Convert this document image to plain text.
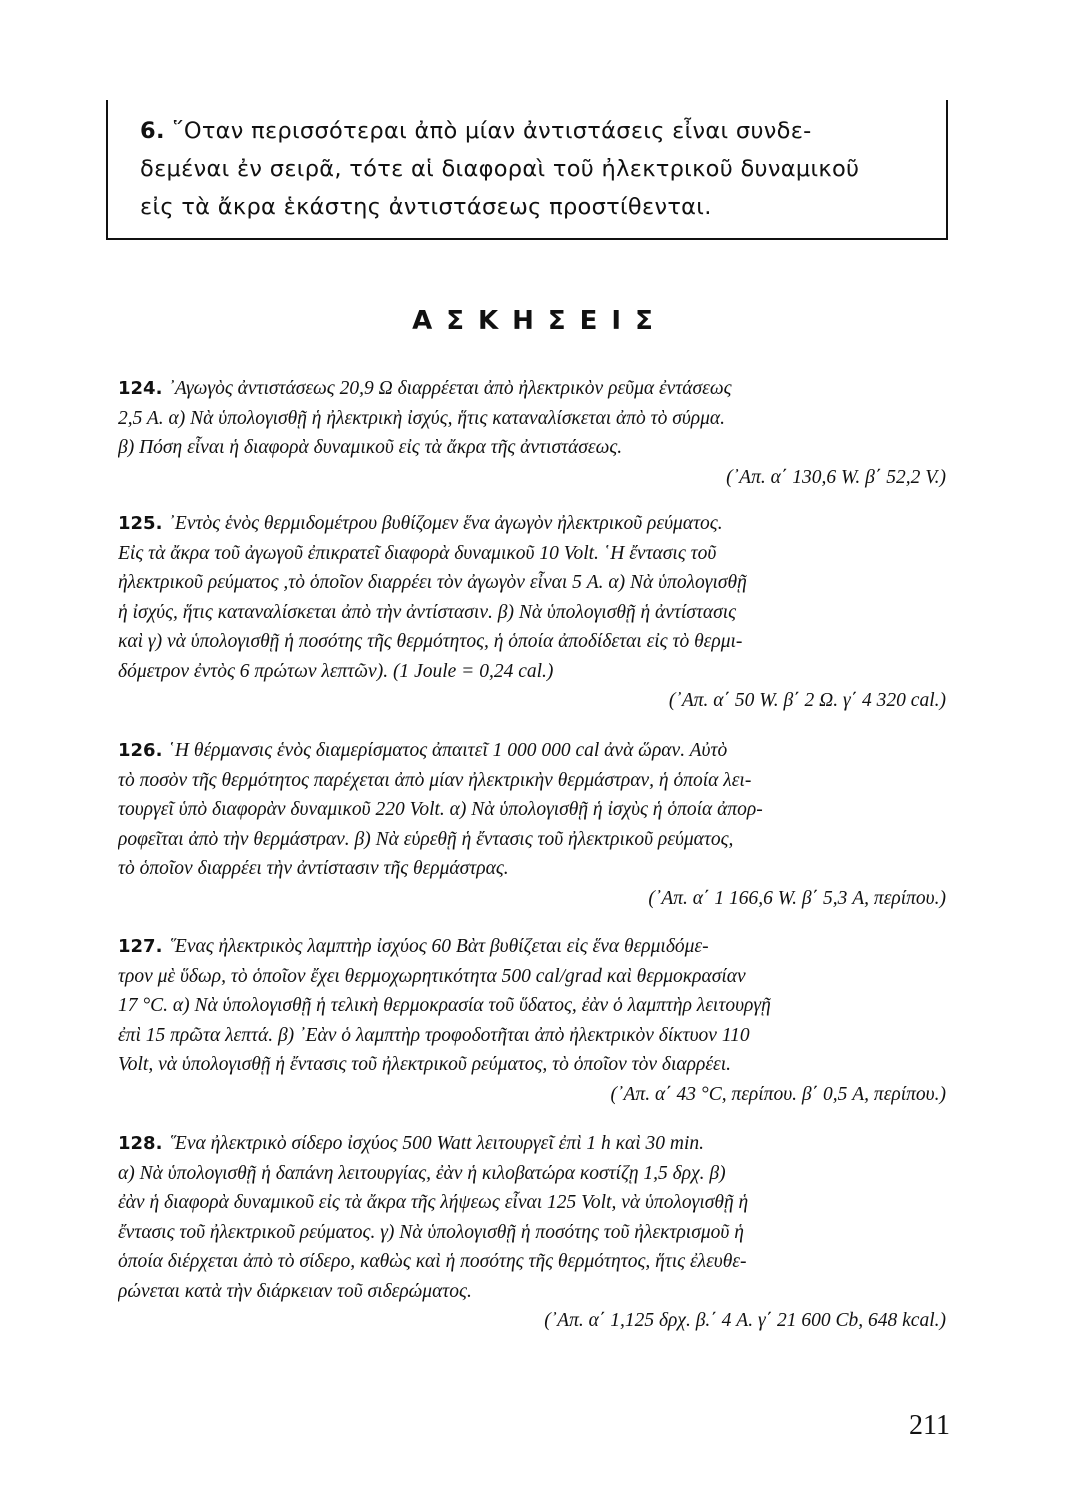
6. ῞Οταν περισσότεραι ἀπὸ μίαν ἀντιστάσεις εἶναι συνδε-
δεμέναι ἐν σειρᾶ, τότε αἱ διαφοραὶ τοῦ ἠλεκτρικοῦ δυναμικοῦ
εἰς τὰ ἄκρα ἑκάστης ἀντιστάσεως προστίθενται.
ΑΣΚΗΣΕΙΣ
124. ᾿Αγωγὸς ἀντιστάσεως 20,9 Ω διαρρέεται ἀπὸ ἠλεκτρικὸν ρεῦμα ἐντάσεως
2,5 A. α) Νὰ ὑπολογισθῇ ἡ ἠλεκτρικὴ ἰσχύς, ἥτις καταναλίσκεται ἀπὸ τὸ σύρμα.
β) Πόση εἶναι ἡ διαφορὰ δυναμικοῦ εἰς τὰ ἄκρα τῆς ἀντιστάσεως.
(᾿Απ. α΄ 130,6 W. β΄ 52,2 V.)
125. ᾿Εντὸς ἑνὸς θερμιδομέτρου βυθίζομεν ἕνα ἀγωγὸν ἠλεκτρικοῦ ρεύματος.
Εἰς τὰ ἄκρα τοῦ ἀγωγοῦ ἐπικρατεῖ διαφορὰ δυναμικοῦ 10 Volt. ῾Η ἔντασις τοῦ
ἠλεκτρικοῦ ρεύματος ,τὸ ὁποῖον διαρρέει τὸν ἀγωγὸν εἶναι 5 A. α) Νὰ ὑπολογισθῇ
ἡ ἰσχύς, ἥτις καταναλίσκεται ἀπὸ τὴν ἀντίστασιν. β) Νὰ ὑπολογισθῇ ἡ ἀντίστασις
καὶ γ) νὰ ὑπολογισθῇ ἡ ποσότης τῆς θερμότητος, ἡ ὁποία ἀποδίδεται εἰς τὸ θερμι-
δόμετρον ἐντὸς 6 πρώτων λεπτῶν). (1 Joule = 0,24 cal.)
(᾿Απ. α΄ 50 W. β΄ 2 Ω. γ΄ 4 320 cal.)
126. ῾Η θέρμανσις ἑνὸς διαμερίσματος ἀπαιτεῖ 1 000 000 cal ἀνὰ ὥραν. Αὐτὸ
τὸ ποσὸν τῆς θερμότητος παρέχεται ἀπὸ μίαν ἠλεκτρικὴν θερμάστραν, ἡ ὁποία λει-
τουργεῖ ὑπὸ διαφορὰν δυναμικοῦ 220 Volt. α) Νὰ ὑπολογισθῇ ἡ ἰσχὺς ἡ ὁποία ἀπορ-
ροφεῖται ἀπὸ τὴν θερμάστραν. β) Νὰ εὑρεθῇ ἡ ἔντασις τοῦ ἠλεκτρικοῦ ρεύματος,
τὸ ὁποῖον διαρρέει τὴν ἀντίστασιν τῆς θερμάστρας.
(᾿Απ. α΄ 1 166,6 W. β΄ 5,3 A, περίπου.)
127. ῞Ενας ἠλεκτρικὸς λαμπτὴρ ἰσχύος 60 Βὰτ βυθίζεται εἰς ἕνα θερμιδόμε-
τρον μὲ ὕδωρ, τὸ ὁποῖον ἔχει θερμοχωρητικότητα 500 cal/grad καὶ θερμοκρασίαν
17 °C. α) Νὰ ὑπολογισθῇ ἡ τελικὴ θερμοκρασία τοῦ ὕδατος, ἐὰν ὁ λαμπτὴρ λειτουργῇ
ἐπὶ 15 πρῶτα λεπτά. β) ᾿Εὰν ὁ λαμπτὴρ τροφοδοτῆται ἀπὸ ἠλεκτρικὸν δίκτυον 110
Volt, νὰ ὑπολογισθῇ ἡ ἔντασις τοῦ ἠλεκτρικοῦ ρεύματος, τὸ ὁποῖον τὸν διαρρέει.
(᾿Απ. α΄ 43 °C, περίπου. β΄ 0,5 A, περίπου.)
128. ῞Ενα ἠλεκτρικὸ σίδερο ἰσχύος 500 Watt λειτουργεῖ ἐπὶ 1 h καὶ 30 min.
α) Νὰ ὑπολογισθῇ ἡ δαπάνη λειτουργίας, ἐὰν ἡ κιλοβατώρα κοστίζῃ 1,5 δρχ. β)
ἐὰν ἡ διαφορὰ δυναμικοῦ εἰς τὰ ἄκρα τῆς λήψεως εἶναι 125 Volt, νὰ ὑπολογισθῇ ἡ
ἔντασις τοῦ ἠλεκτρικοῦ ρεύματος. γ) Νὰ ὑπολογισθῇ ἡ ποσότης τοῦ ἠλεκτρισμοῦ ἡ
ὁποία διέρχεται ἀπὸ τὸ σίδερο, καθὼς καὶ ἡ ποσότης τῆς θερμότητος, ἥτις ἐλευθε-
ρώνεται κατὰ τὴν διάρκειαν τοῦ σιδερώματος.
(᾿Απ. α΄ 1,125 δρχ. β.΄ 4 A. γ΄ 21 600 Cb, 648 kcal.)
211
